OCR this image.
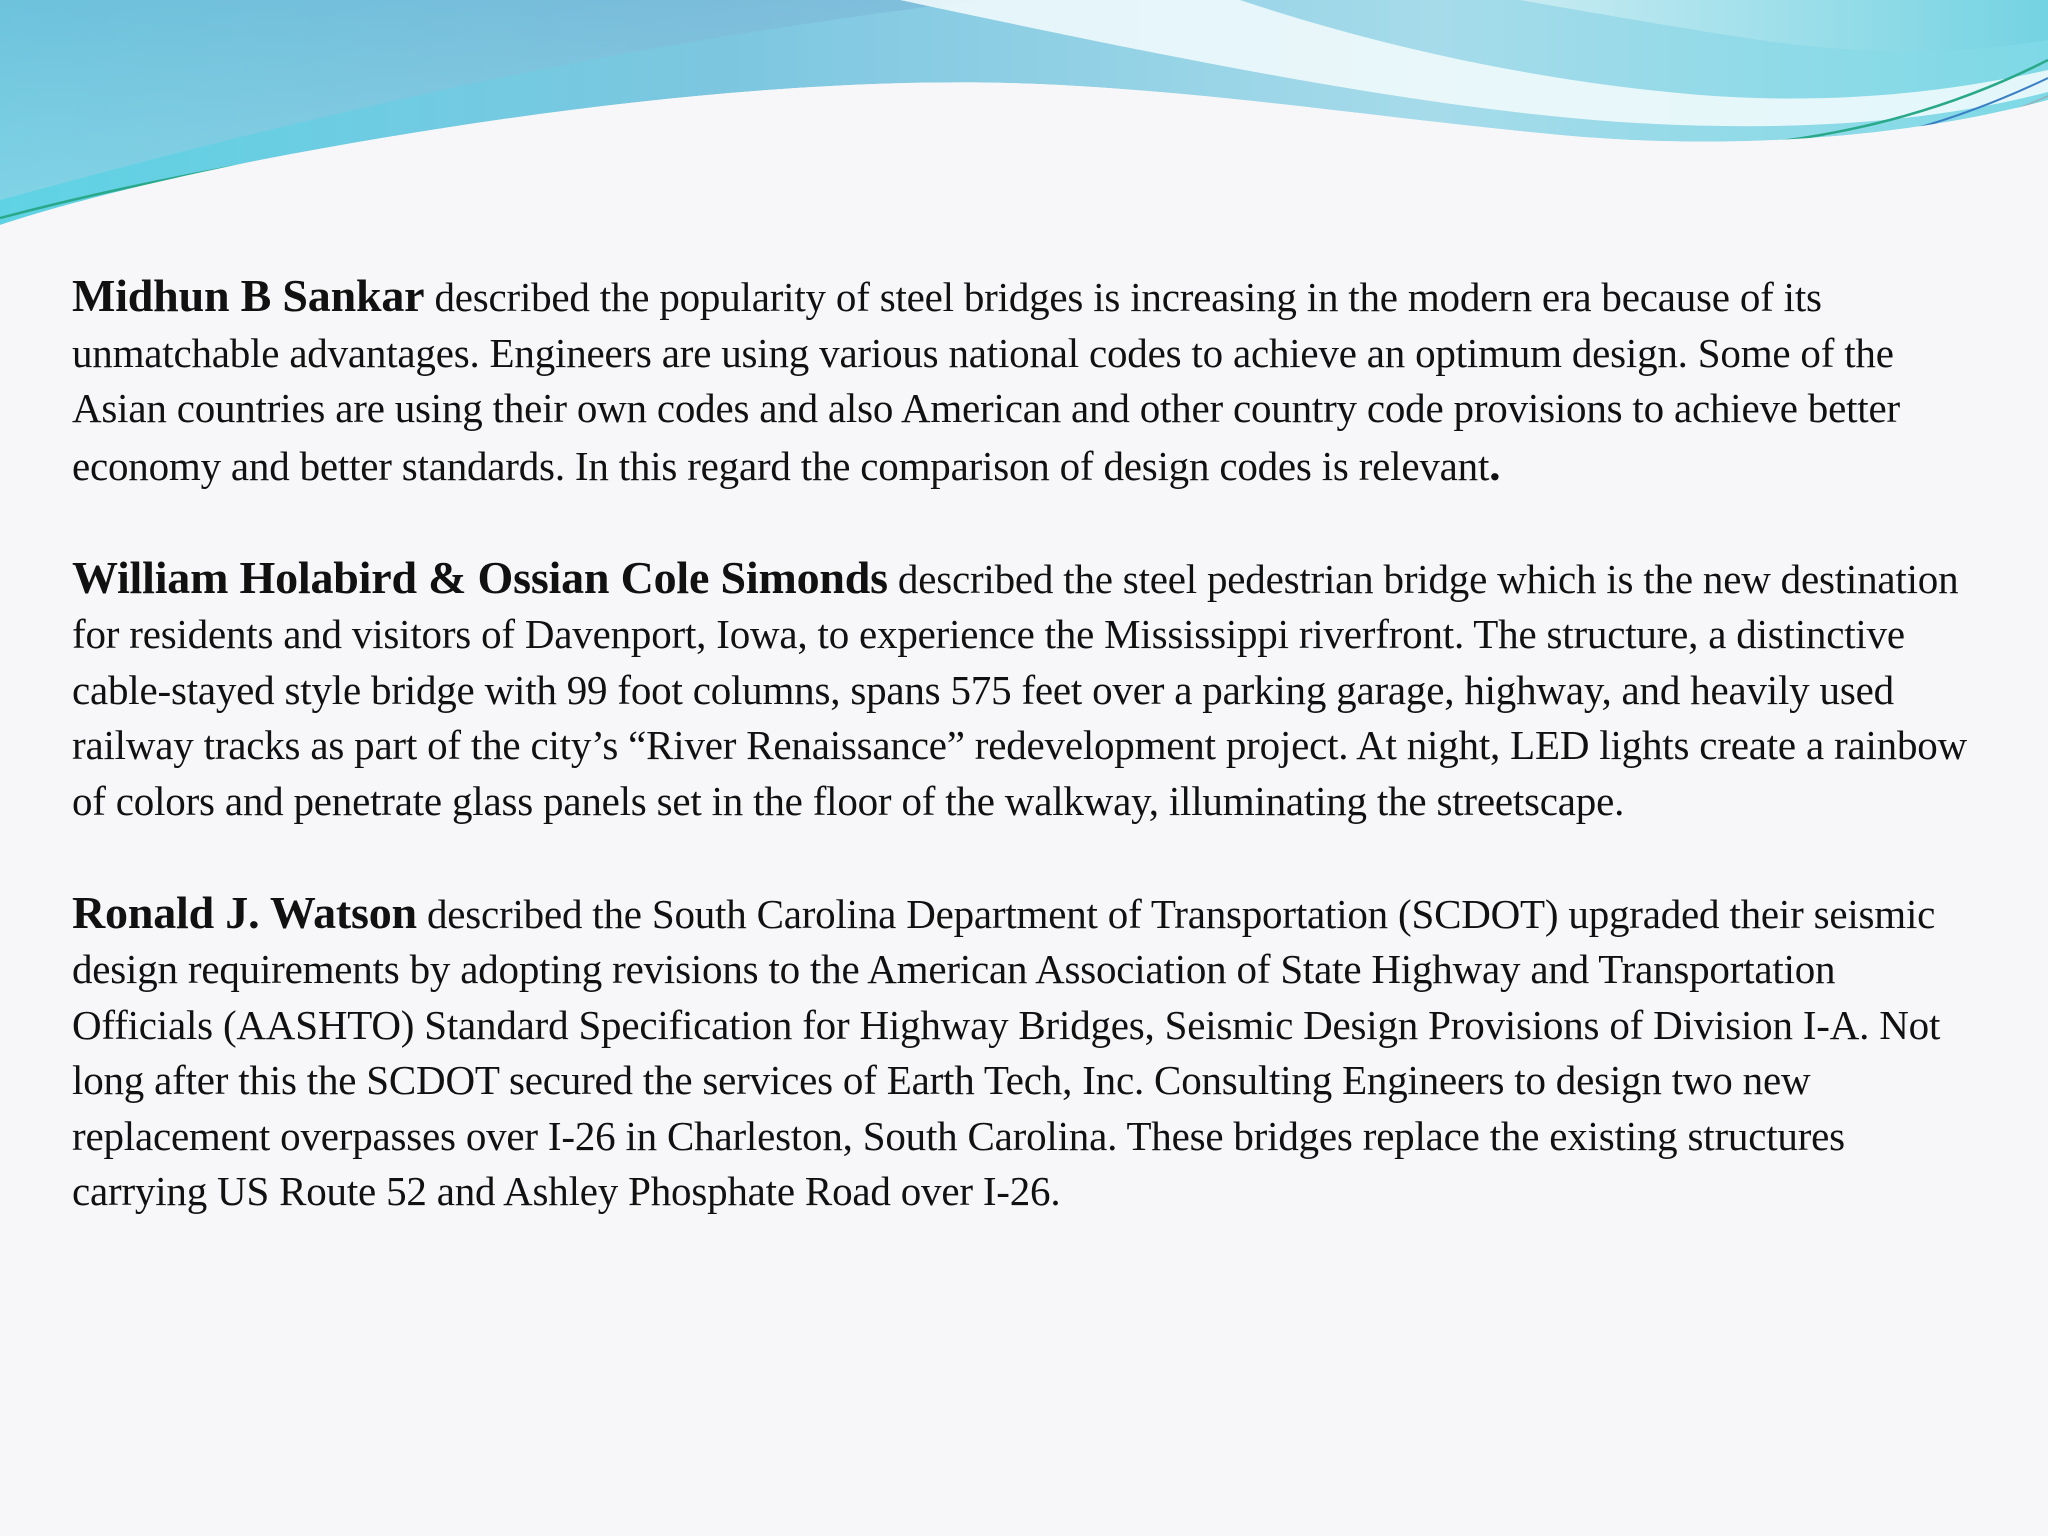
Midhun B Sankar described the popularity of steel bridges is increasing in the modern era because of its unmatchable advantages. Engineers are using various national codes to achieve an optimum design. Some of the Asian countries are using their own codes and also American and other country code provisions to achieve better economy and better standards. In this regard the comparison of design codes is relevant.

William Holabird & Ossian Cole Simonds described the steel pedestrian bridge which is the new destination for residents and visitors of Davenport, Iowa, to experience the Mississippi riverfront. The structure, a distinctive cable-stayed style bridge with 99 foot columns, spans 575 feet over a parking garage, highway, and heavily used railway tracks as part of the city’s “River Renaissance” redevelopment project. At night, LED lights create a rainbow of colors and penetrate glass panels set in the floor of the walkway, illuminating the streetscape.

Ronald J. Watson described the South Carolina Department of Transportation (SCDOT) upgraded their seismic design requirements by adopting revisions to the American Association of State Highway and Transportation Officials (AASHTO) Standard Specification for Highway Bridges, Seismic Design Provisions of Division I-A. Not long after this the SCDOT secured the services of Earth Tech, Inc. Consulting Engineers to design two new replacement overpasses over I-26 in Charleston, South Carolina. These bridges replace the existing structures carrying US Route 52 and Ashley Phosphate Road over I-26.
